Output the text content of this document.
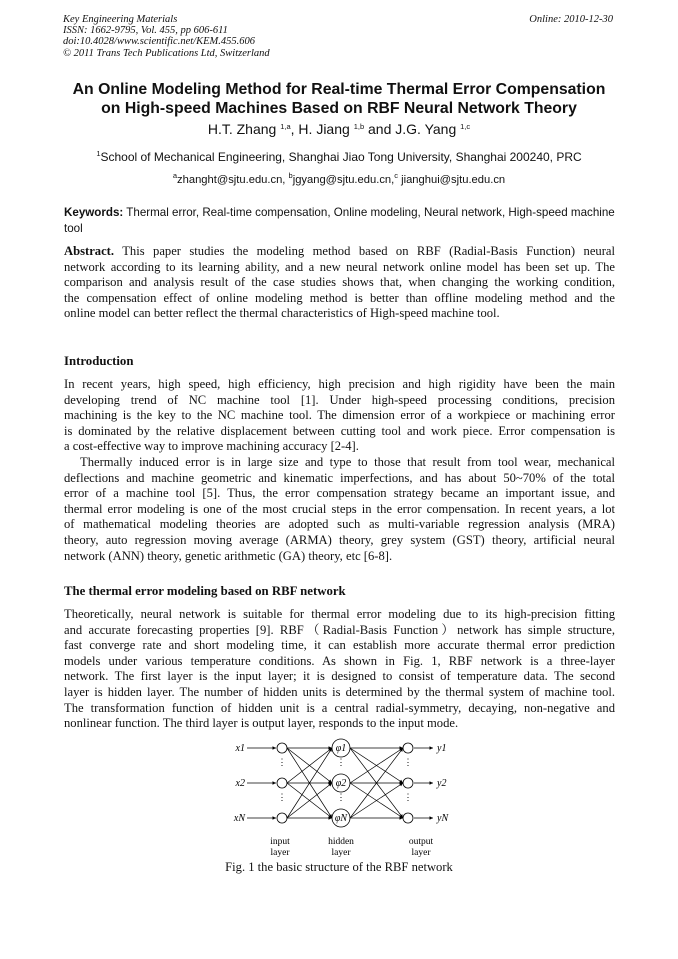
Key Engineering Materials
ISSN: 1662-9795, Vol. 455, pp 606-611
doi:10.4028/www.scientific.net/KEM.455.606
© 2011 Trans Tech Publications Ltd, Switzerland
Online: 2010-12-30
An Online Modeling Method for Real-time Thermal Error Compensation
on High-speed Machines Based on RBF Neural Network Theory
H.T. Zhang $^{1,a}$, H. Jiang $^{1,b}$ and J.G. Yang $^{1,c}$
$^1$School of Mechanical Engineering, Shanghai Jiao Tong University, Shanghai 200240, PRC
$^a$zhanght@sjtu.edu.cn, $^b$jgyang@sjtu.edu.cn,$^c$ jianghui@sjtu.edu.cn
Keywords: Thermal error, Real-time compensation, Online modeling, Neural network, High-speed machine tool
Abstract. This paper studies the modeling method based on RBF (Radial-Basis Function) neural
network according to its learning ability, and a new neural network online model has been set up. The
comparison and analysis result of the case studies shows that, when changing the working condition,
the compensation effect of online modeling method is better than offline modeling method and the
online model can better reflect the thermal characteristics of High-speed machine tool.
Introduction
In recent years, high speed, high efficiency, high precision and high rigidity have been the main
developing trend of NC machine tool [1]. Under high-speed processing conditions, precision
machining is the key to the NC machine tool. The dimension error of a workpiece or machining error
is dominated by the relative displacement between cutting tool and work piece. Error compensation is
a cost-effective way to improve machining accuracy [2-4].
Thermally induced error is in large size and type to those that result from tool wear, mechanical
deflections and machine geometric and kinematic imperfections, and has about 50~70% of the total
error of a machine tool [5]. Thus, the error compensation strategy became an important issue, and
thermal error modeling is one of the most crucial steps in the error compensation. In recent years, a lot
of mathematical modeling theories are adopted such as multi-variable regression analysis (MRA)
theory, auto regression moving average (ARMA) theory, grey system (GST) theory, artificial neural
network (ANN) theory, genetic arithmetic (GA) theory, etc [6-8].
The thermal error modeling based on RBF network
Theoretically, neural network is suitable for thermal error modeling due to its high-precision fitting
and accurate forecasting properties [9]. RBF（Radial-Basis Function）network has simple structure,
fast converge rate and short modeling time, it can establish more accurate thermal error prediction
models under various temperature conditions. As shown in Fig. 1, RBF network is a three-layer
network. The first layer is the input layer; it is designed to consist of temperature data. The second
layer is hidden layer. The number of hidden units is determined by the thermal system of machine tool.
The transformation function of hidden unit is a central radial-symmetry, decaying, non-negative and
nonlinear function. The third layer is output layer, responds to the input mode.
x1	φ1	y1
x2	φ2	y2
xN	φN	yN
⋮
⋮
⋮
⋮
⋮
⋮
input
layer
hidden
layer
output
layer
Fig. 1 the basic structure of the RBF network
